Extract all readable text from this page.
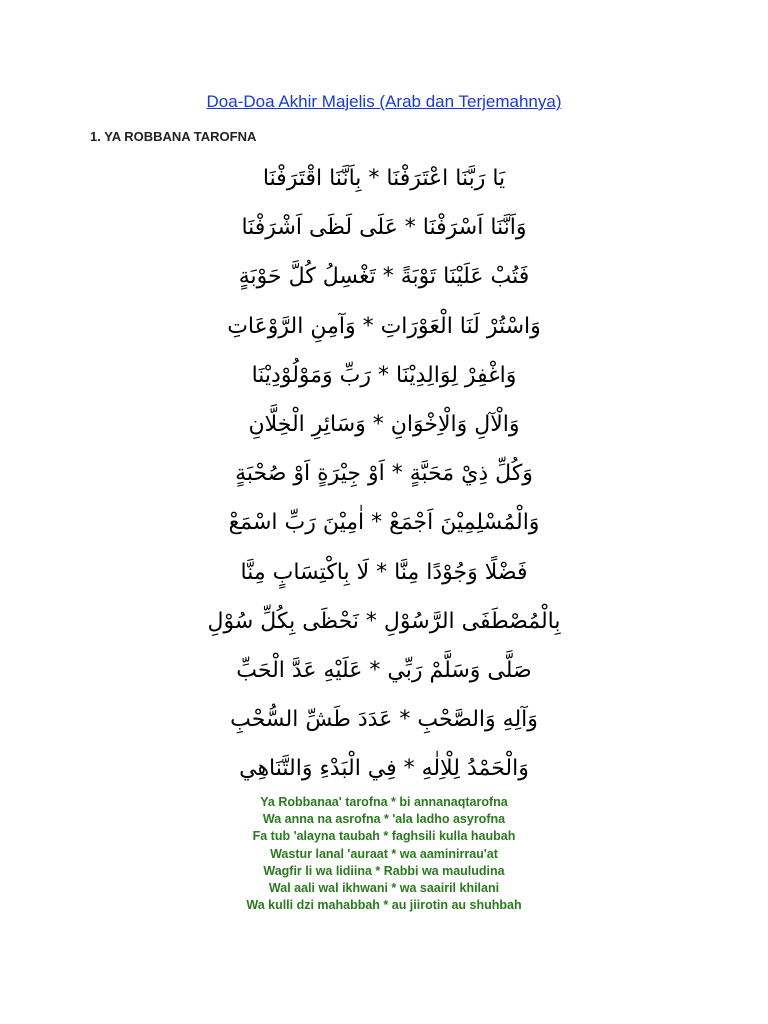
Doa-Doa Akhir Majelis (Arab dan Terjemahnya)

1. YA ROBBANA TAROFNA

يَا رَبَّنَا اعْتَرَفْنَا * بِاَنَّنَا اقْتَرَفْنَا
وَاَنَّنَا اَسْرَفْنَا * عَلَى لَظَى اَشْرَفْنَا
فَتُبْ عَلَيْنَا تَوْبَةً * تَغْسِلُ كُلَّ حَوْبَةٍ
وَاسْتُرْ لَنَا الْعَوْرَاتِ * وَآمِنِ الرَّوْعَاتِ
وَاغْفِرْ لِوَالِدِيْنَا * رَبِّ وَمَوْلُوْدِيْنَا
وَالْآلِ وَالْاِخْوَانِ * وَسَائِرِ الْخِلَّانِ
وَكُلِّ ذِيْ مَحَبَّةٍ * اَوْ جِيْرَةٍ اَوْ صُحْبَةٍ
وَالْمُسْلِمِيْنَ اَجْمَعْ * اٰمِيْنَ رَبِّ اسْمَعْ
فَضْلًا وَجُوْدًا مِنَّا * لَا بِاكْتِسَابٍ مِنَّا
بِالْمُصْطَفَى الرَّسُوْلِ * نَحْظَى بِكُلِّ سُوْلِ
صَلَّى وَسَلَّمْ رَبِّي * عَلَيْهِ عَدَّ الْحَبِّ
وَآلِهِ وَالصَّحْبِ * عَدَدَ طَشِّ السُّحْبِ
وَالْحَمْدُ لِلْاِلٰهِ * فِي الْبَدْءِ وَالتَّنَاهِي
Ya Robbanaa' tarofna * bi annanaqtarofna
Wa anna na asrofna * 'ala ladho asyrofna
Fa tub 'alayna taubah * faghsili kulla haubah
Wastur lanal 'auraat * wa aaminirrau'at
Wagfir li wa lidiina * Rabbi wa mauludina
Wal aali wal ikhwani * wa saairil khilani
Wa kulli dzi mahabbah * au jiirotin au shuhbah
